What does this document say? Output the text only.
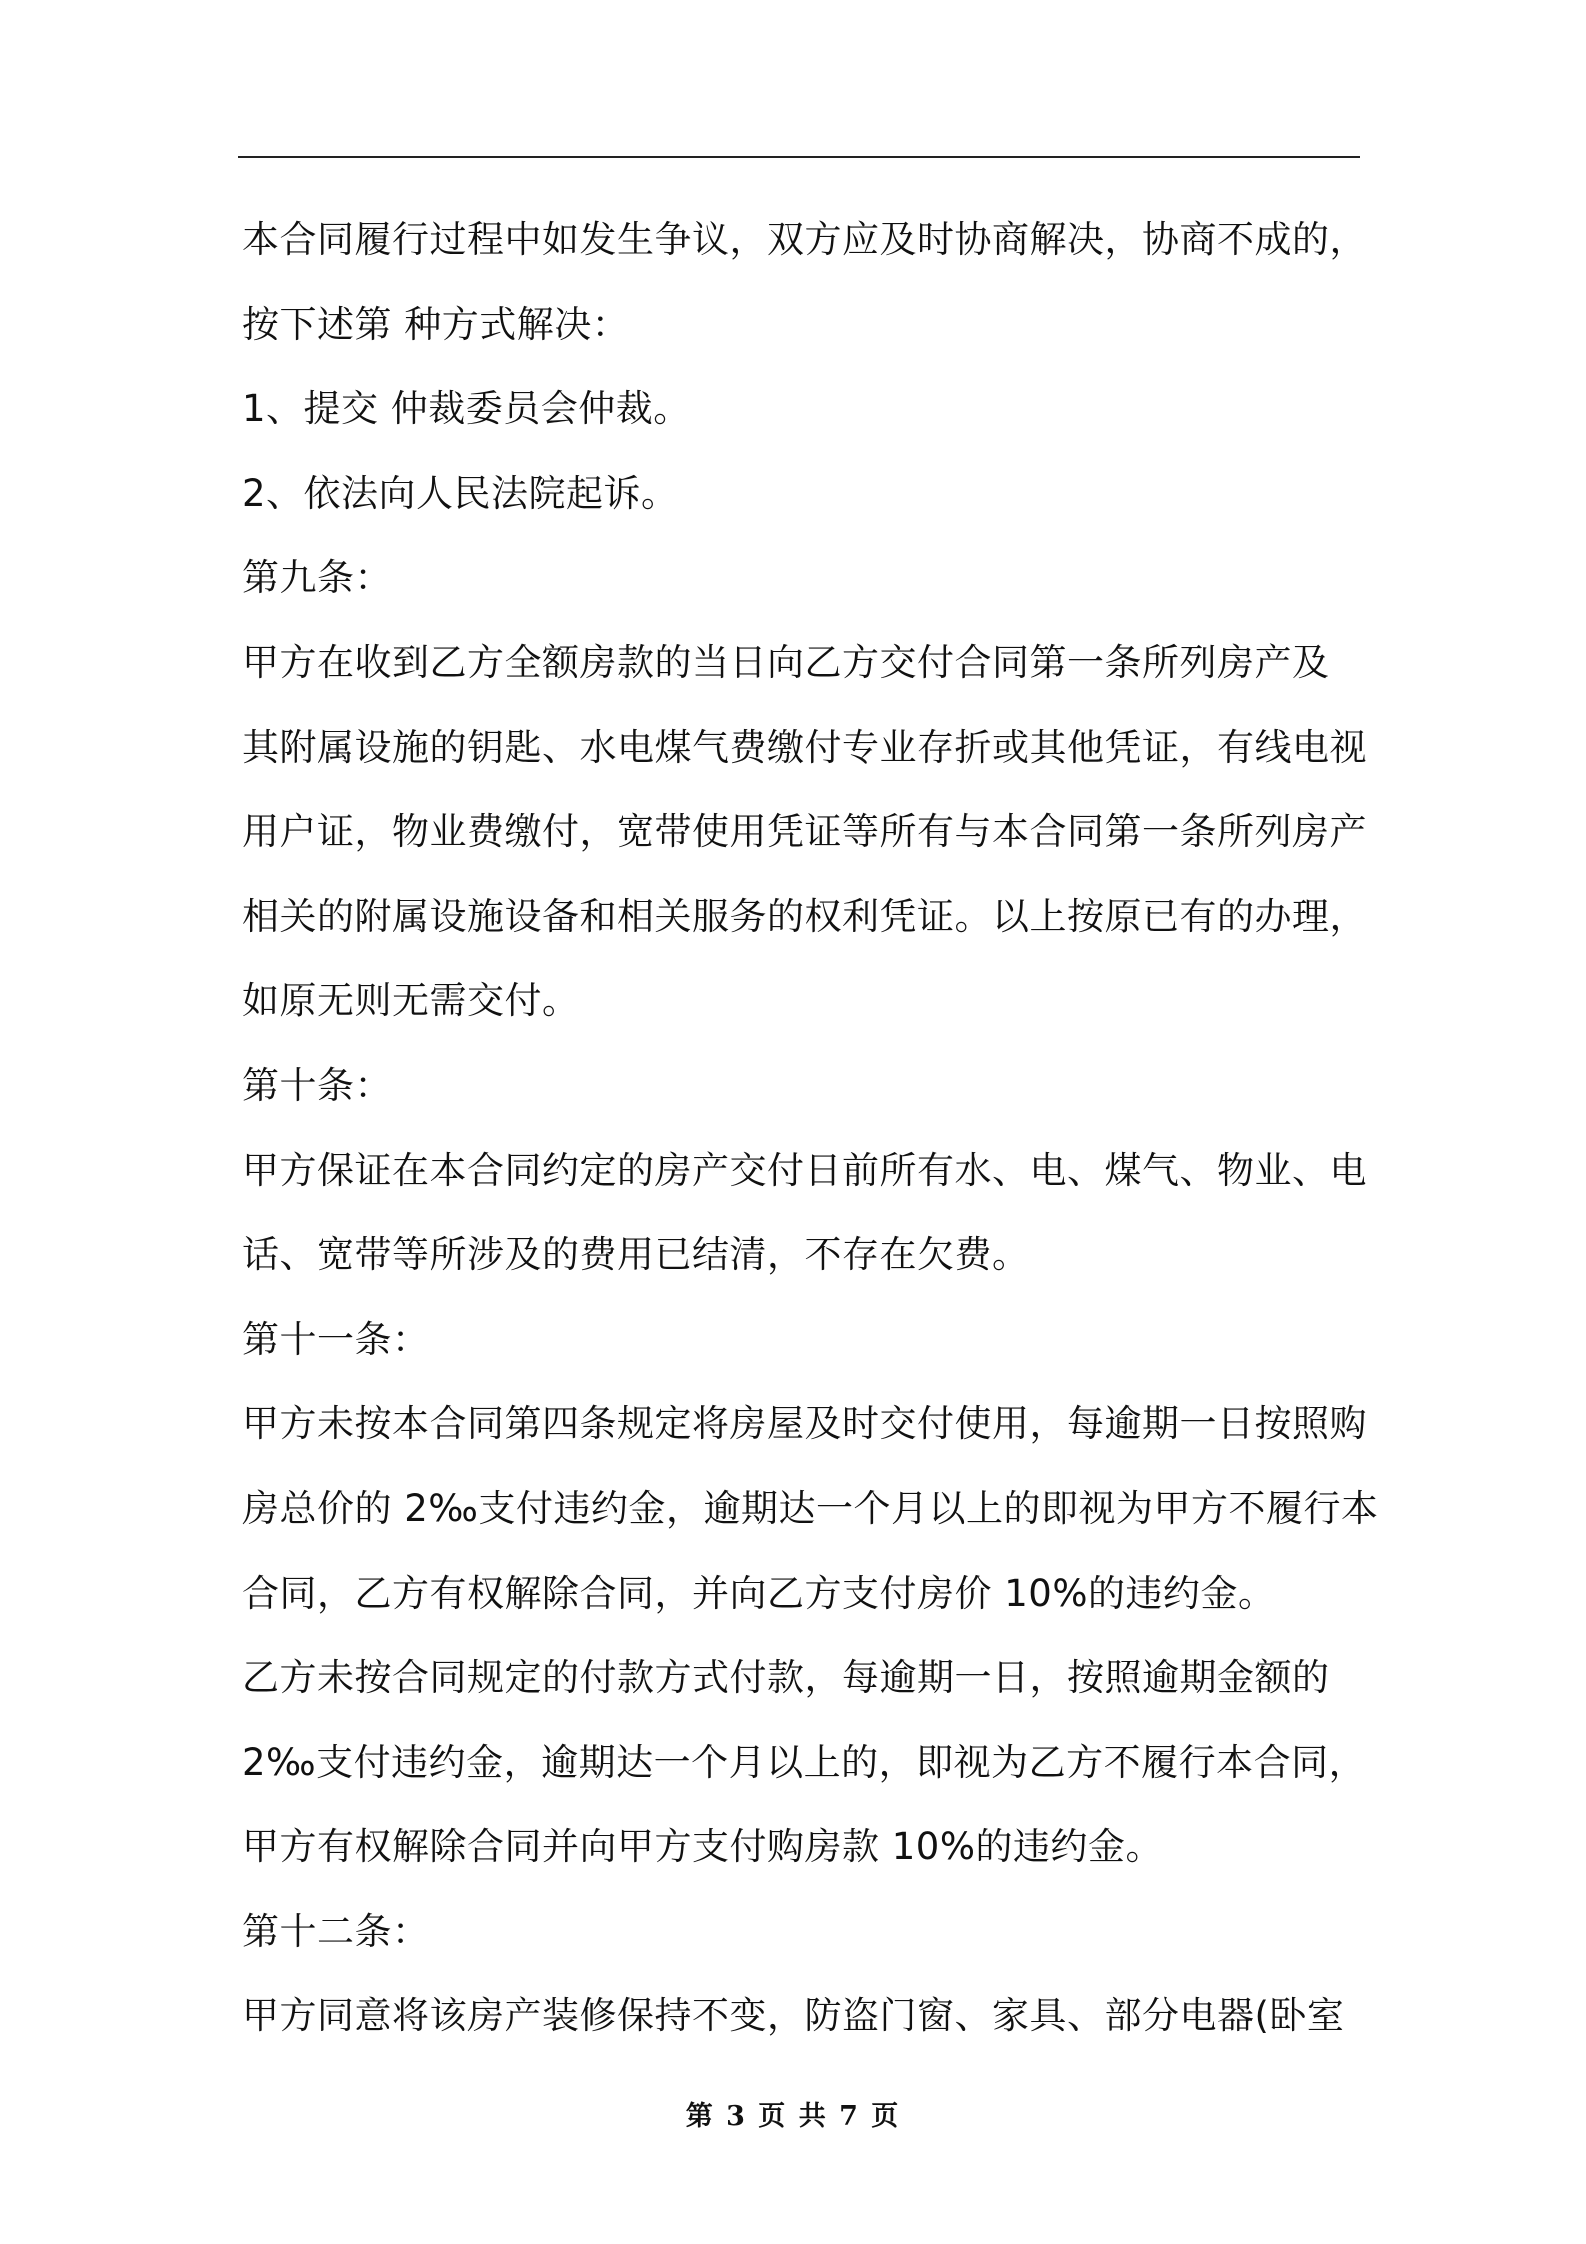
本合同履行过程中如发生争议，双方应及时协商解决，协商不成的，
按下述第 种方式解决：
1、提交 仲裁委员会仲裁。
2、依法向人民法院起诉。
第九条：
甲方在收到乙方全额房款的当日向乙方交付合同第一条所列房产及
其附属设施的钥匙、水电煤气费缴付专业存折或其他凭证，有线电视
用户证，物业费缴付，宽带使用凭证等所有与本合同第一条所列房产
相关的附属设施设备和相关服务的权利凭证。以上按原已有的办理，
如原无则无需交付。
第十条：
甲方保证在本合同约定的房产交付日前所有水、电、煤气、物业、电
话、宽带等所涉及的费用已结清，不存在欠费。
第十一条：
甲方未按本合同第四条规定将房屋及时交付使用，每逾期一日按照购
房总价的 2‰支付违约金，逾期达一个月以上的即视为甲方不履行本
合同，乙方有权解除合同，并向乙方支付房价 10%的违约金。
乙方未按合同规定的付款方式付款，每逾期一日，按照逾期金额的
2‰支付违约金，逾期达一个月以上的，即视为乙方不履行本合同，
甲方有权解除合同并向甲方支付购房款 10%的违约金。
第十二条：
甲方同意将该房产装修保持不变，防盗门窗、家具、部分电器(卧室
第 3 页 共 7 页
